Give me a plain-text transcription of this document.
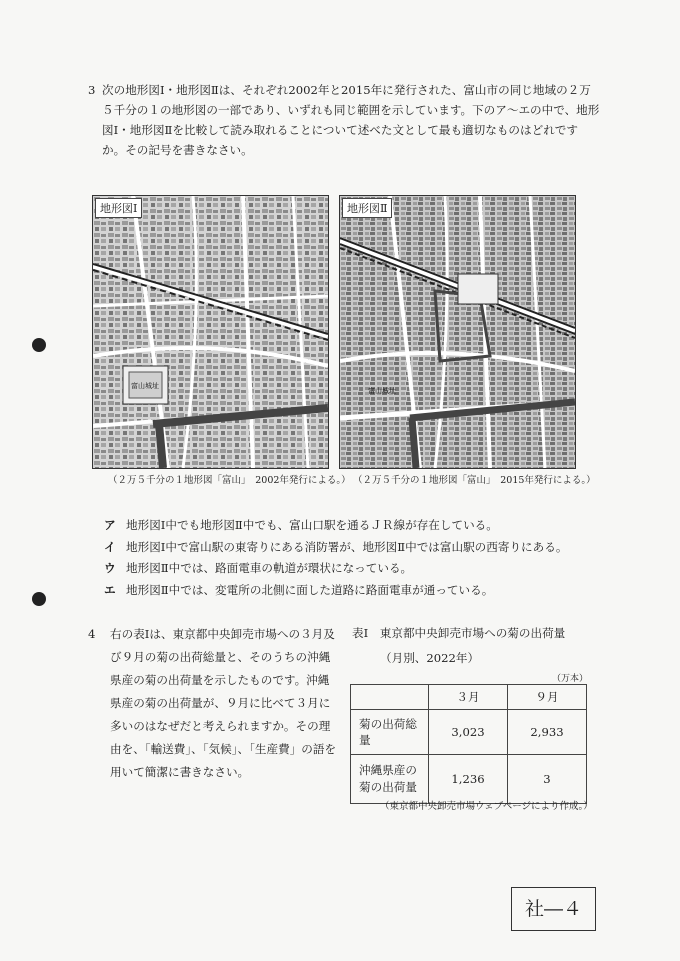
3 次の地形図Ⅰ・地形図Ⅱは、それぞれ2002年と2015年に発行された、富山市の同じ地域の２万５千分の１の地形図の一部であり、いずれも同じ範囲を示しています。下のア～エの中で、地形図Ⅰ・地形図Ⅱを比較して読み取れることについて述べた文として最も適切なものはどれですか。その記号を書きなさい。
地形図Ⅰ
富山城址
（２万５千分の１地形図「富山」　2002年発行による。）
地形図Ⅱ
富山城址
（２万５千分の１地形図「富山」　2015年発行による。）
ア 地形図Ⅰ中でも地形図Ⅱ中でも、富山口駅を通るＪＲ線が存在している。
イ 地形図Ⅰ中で富山駅の東寄りにある消防署が、地形図Ⅱ中では富山駅の西寄りにある。
ウ 地形図Ⅱ中では、路面電車の軌道が環状になっている。
エ 地形図Ⅱ中では、変電所の北側に面した道路に路面電車が通っている。
4 右の表Ⅰは、東京都中央卸売市場への３月及び９月の菊の出荷総量と、そのうちの沖縄県産の菊の出荷量を示したものです。沖縄県産の菊の出荷量が、９月に比べて３月に多いのはなぜだと考えられますか。その理由を、「輸送費」、「気候」、「生産費」の語を用いて簡潔に書きなさい。
表Ⅰ　東京都中央卸売市場への菊の出荷量
（月別、2022年）
（万本）
	３月	９月
菊の出荷総量	3,023	2,933
沖縄県産の
菊の出荷量	1,236	3
（東京都中央卸売市場ウェブページにより作成。）
社―４
